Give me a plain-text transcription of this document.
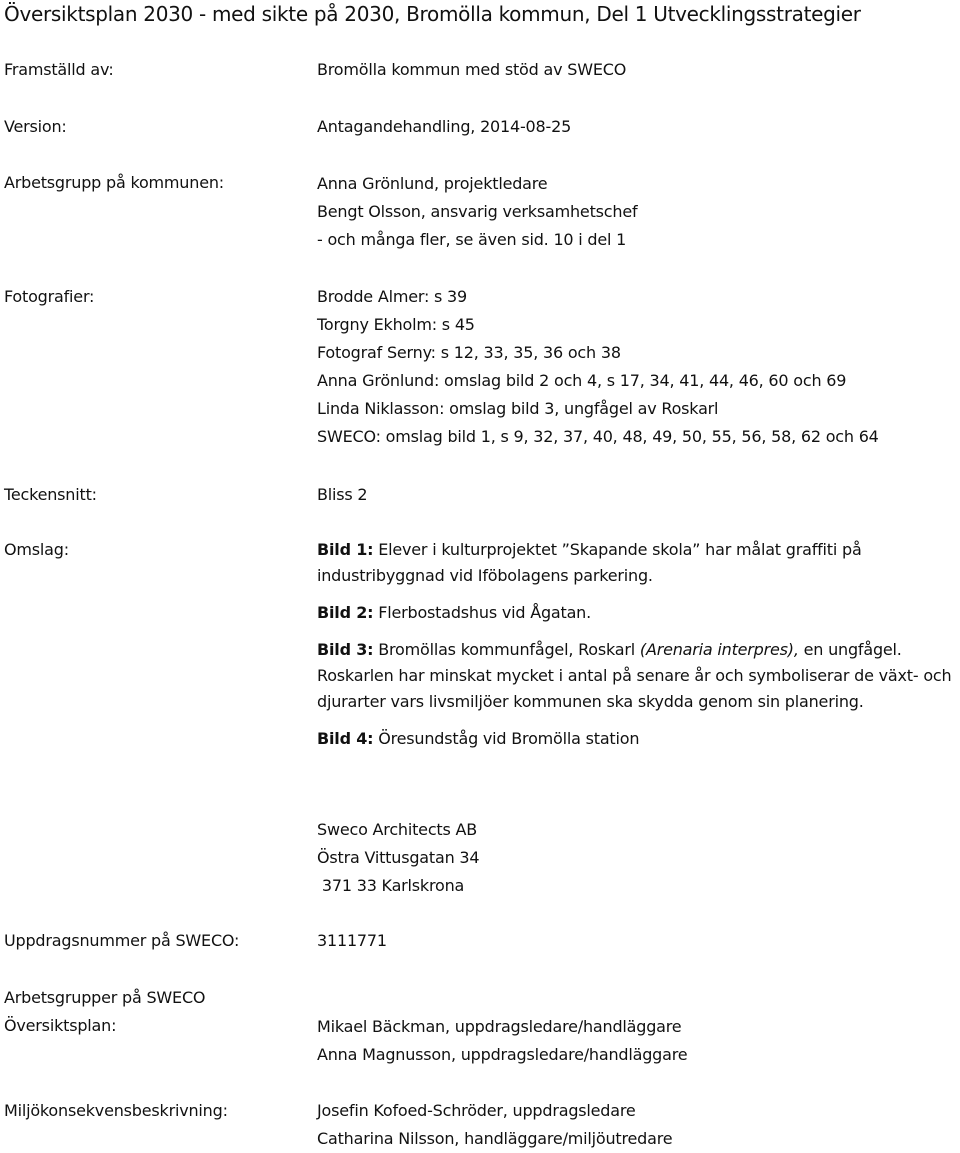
Översiktsplan 2030 - med sikte på 2030, Bromölla kommun, Del 1 Utvecklingsstrategier
Framställd av:	Bromölla kommun med stöd av SWECO
Version:	Antagandehandling, 2014-08-25
Arbetsgrupp på kommunen:	Anna Grönlund, projektledare
Bengt Olsson, ansvarig verksamhetschef
- och många fler, se även sid. 10 i del 1
Fotografier:	Brodde Almer: s 39
Torgny Ekholm: s 45
Fotograf Serny: s 12, 33, 35, 36 och 38
Anna Grönlund: omslag bild 2 och 4, s 17, 34, 41, 44, 46, 60 och 69
Linda Niklasson: omslag bild 3, ungfågel av Roskarl
SWECO: omslag bild 1, s 9, 32, 37, 40, 48, 49, 50, 55, 56, 58, 62 och 64
Teckensnitt:	Bliss 2
Omslag:	Bild 1: Elever i kulturprojektet ”Skapande skola” har målat graffiti på
industribyggnad vid Iföbolagens parkering.
Bild 2: Flerbostadshus vid Ågatan.
Bild 3: Bromöllas kommunfågel, Roskarl (Arenaria interpres), en ungfågel.
Roskarlen har minskat mycket i antal på senare år och symboliserar de växt- och
djurarter vars livsmiljöer kommunen ska skydda genom sin planering.
Bild 4: Öresundståg vid Bromölla station
Sweco Architects AB
Östra Vittusgatan 34
371 33 Karlskrona
Uppdragsnummer på SWECO:	3111771
Arbetsgrupper på SWECO
Översiktsplan:	Mikael Bäckman, uppdragsledare/handläggare
Anna Magnusson, uppdragsledare/handläggare
Miljökonsekvensbeskrivning:	Josefin Kofoed-Schröder, uppdragsledare
Catharina Nilsson, handläggare/miljöutredare
